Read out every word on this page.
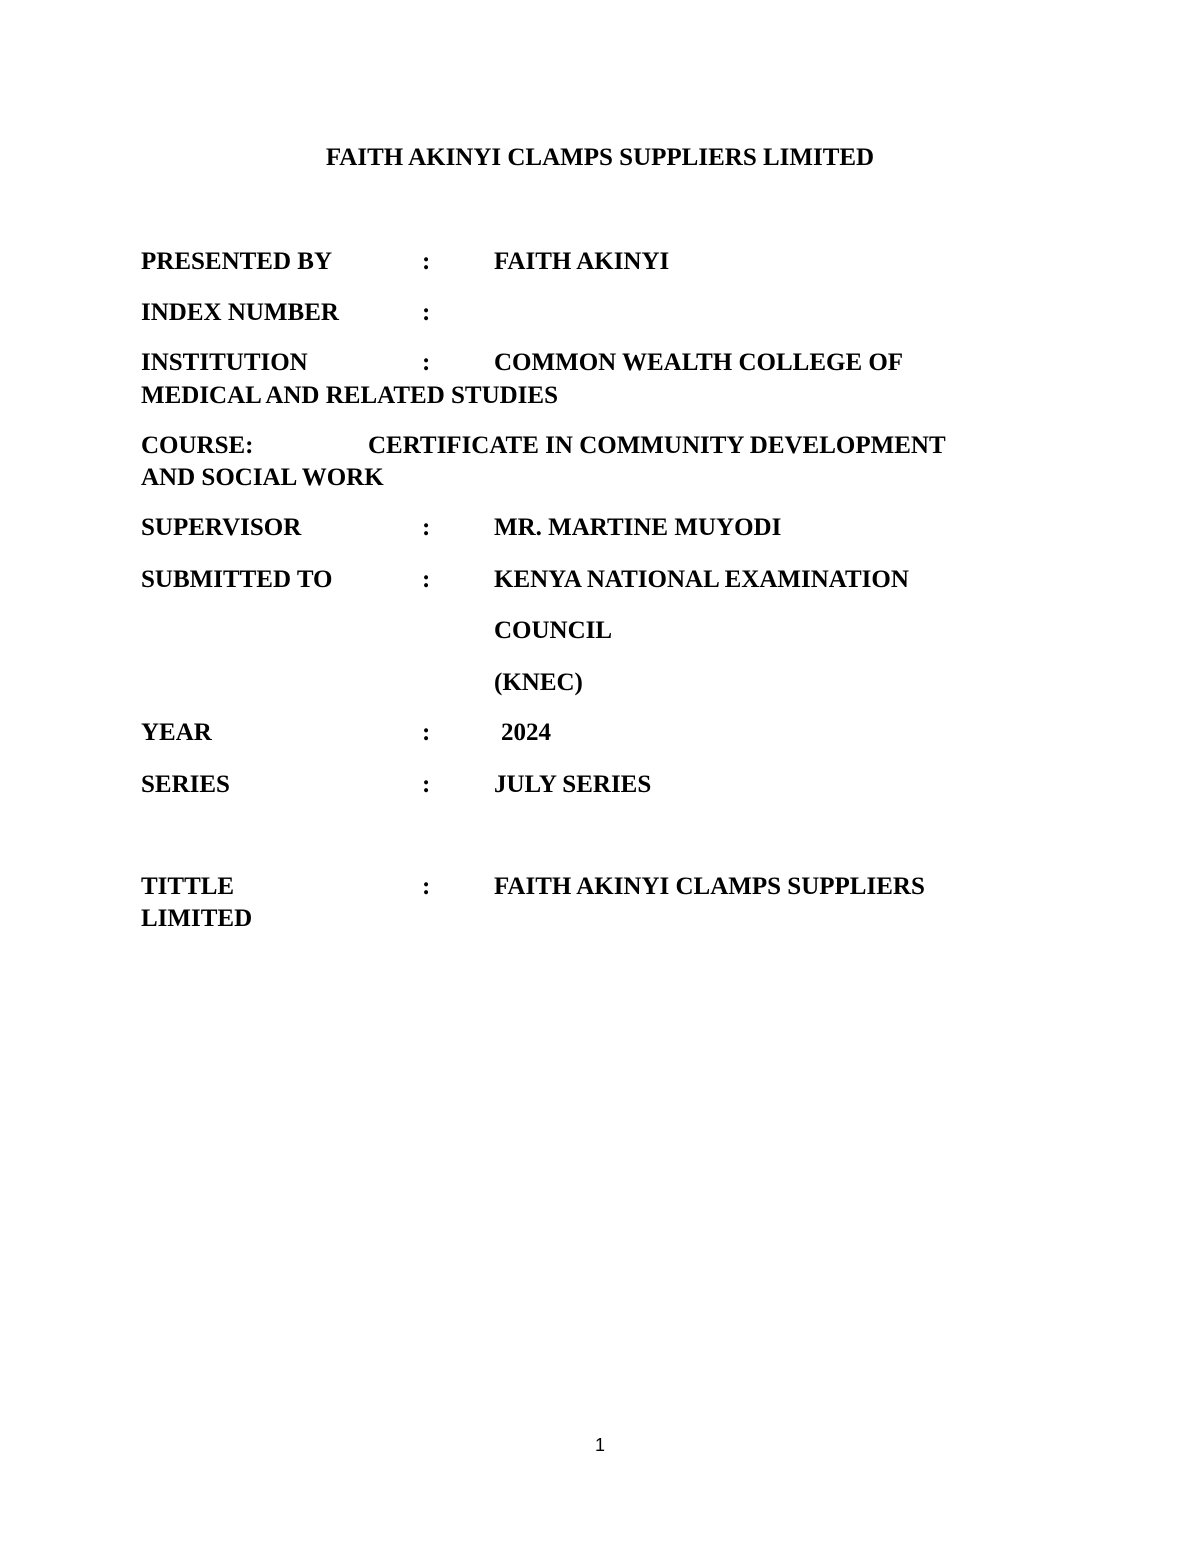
FAITH AKINYI CLAMPS SUPPLIERS LIMITED
PRESENTED BY	:	FAITH AKINYI
INDEX NUMBER	:
INSTITUTION	:	COMMON WEALTH COLLEGE OF
MEDICAL AND RELATED STUDIES
COURSE:	CERTIFICATE IN COMMUNITY DEVELOPMENT
AND SOCIAL WORK
SUPERVISOR	:	MR. MARTINE MUYODI
SUBMITTED TO	:	KENYA NATIONAL EXAMINATION
COUNCIL
(KNEC)
YEAR	:	2024
SERIES	:	JULY SERIES
TITTLE	:	FAITH AKINYI CLAMPS SUPPLIERS
LIMITED
1
